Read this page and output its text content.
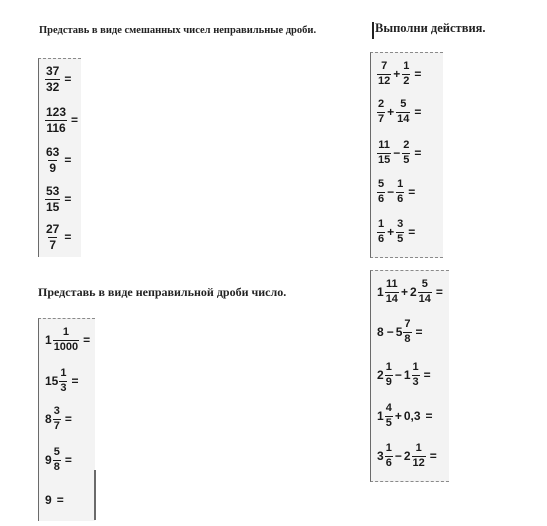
Представь в виде смешанных чисел неправильные дроби.
$\frac{37}{32}$ =
$\frac{123}{116}$ =
$\frac{63}{9}$ =
$\frac{53}{15}$ =
$\frac{27}{7}$ =
Выполни действия.
$\frac{7}{12} + \frac{1}{2}$ =
$\frac{2}{7} + \frac{5}{14}$ =
$\frac{11}{15} - \frac{2}{5}$ =
$\frac{5}{6} - \frac{1}{6}$ =
$\frac{1}{6} + \frac{3}{5}$ =
Представь в виде неправильной дроби число.
$1 \frac{1}{1000}$ =
$15 \frac{1}{3}$ =
$8 \frac{3}{7}$ =
$9 \frac{5}{8}$ =
9 =
$1 \frac{11}{14} + 2 \frac{5}{14}$ =
$8 - 5 \frac{7}{8}$ =
$2 \frac{1}{9} - 1 \frac{1}{3}$ =
$1 \frac{4}{5} + 0,3$ =
$3 \frac{1}{6} - 2 \frac{1}{12}$ =
